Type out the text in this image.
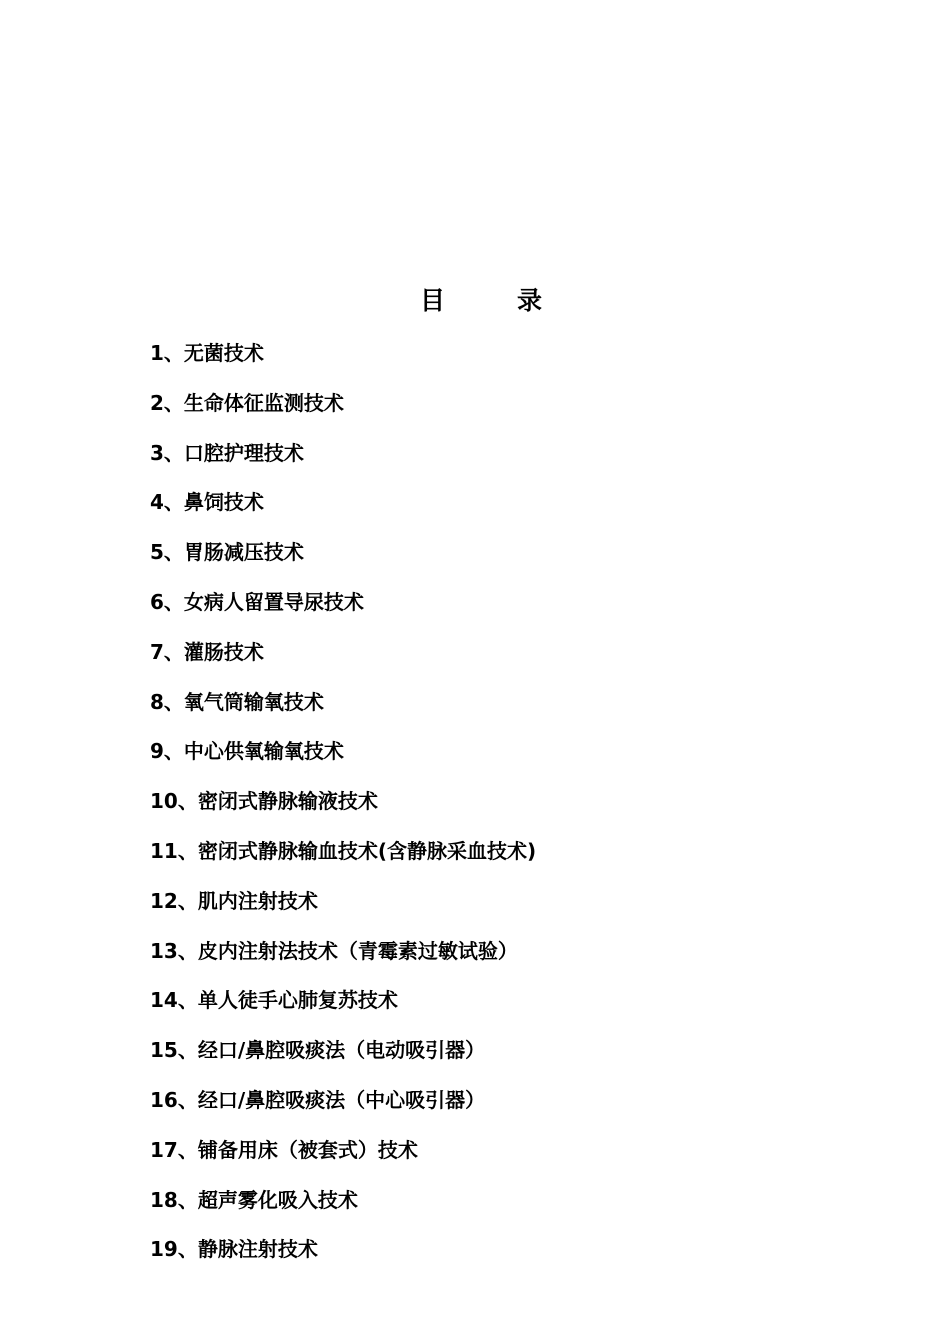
目	录
1、无菌技术
2、生命体征监测技术
3、口腔护理技术
4、鼻饲技术
5、胃肠减压技术
6、女病人留置导尿技术
7、灌肠技术
8、氧气筒输氧技术
9、中心供氧输氧技术
10、密闭式静脉输液技术
11、密闭式静脉输血技术(含静脉采血技术)
12、肌内注射技术
13、皮内注射法技术（青霉素过敏试验）
14、单人徒手心肺复苏技术
15、经口/鼻腔吸痰法（电动吸引器）
16、经口/鼻腔吸痰法（中心吸引器）
17、铺备用床（被套式）技术
18、超声雾化吸入技术
19、静脉注射技术
